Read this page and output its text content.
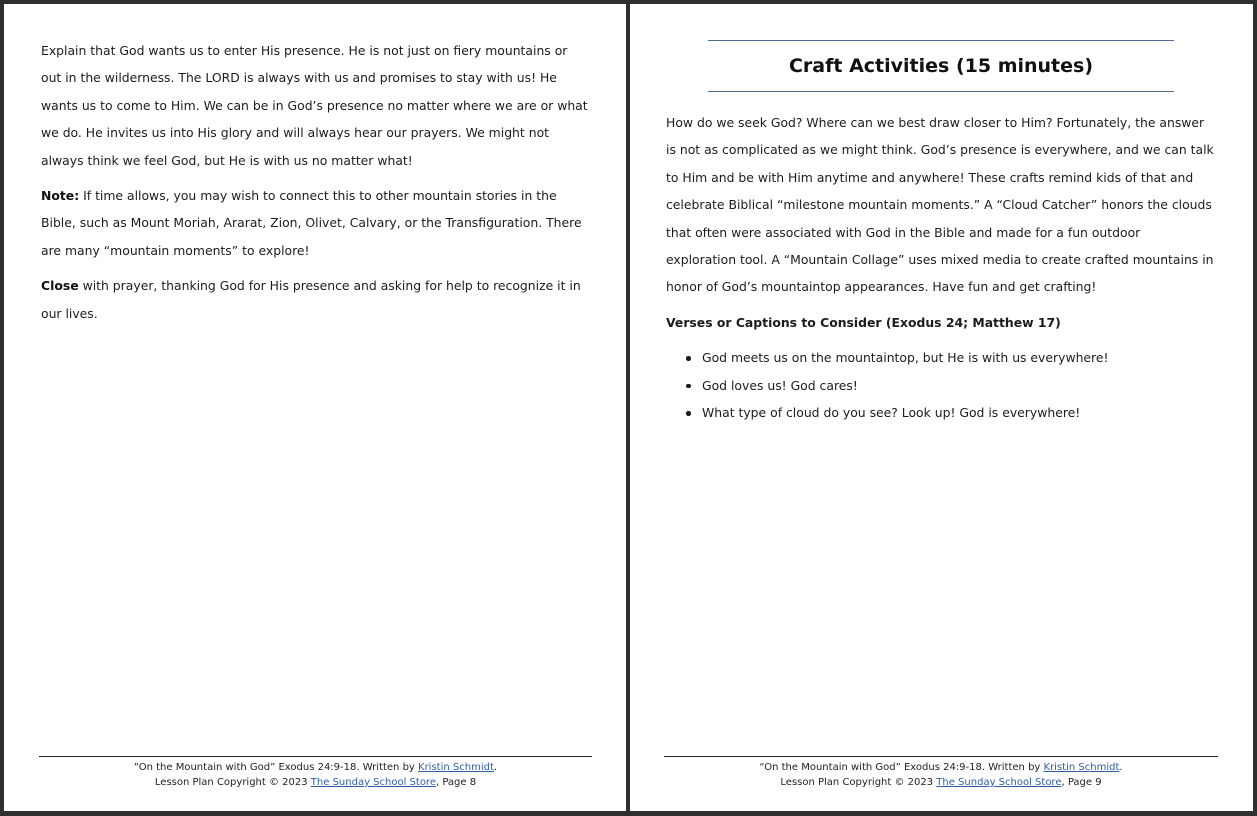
Explain that God wants us to enter His presence. He is not just on fiery mountains or out in the wilderness. The LORD is always with us and promises to stay with us! He wants us to come to Him. We can be in God’s presence no matter where we are or what we do. He invites us into His glory and will always hear our prayers. We might not always think we feel God, but He is with us no matter what!

Note: If time allows, you may wish to connect this to other mountain stories in the Bible, such as Mount Moriah, Ararat, Zion, Olivet, Calvary, or the Transfiguration. There are many “mountain moments” to explore!

Close with prayer, thanking God for His presence and asking for help to recognize it in our lives.

“On the Mountain with God” Exodus 24:9-18. Written by Kristin Schmidt.
Lesson Plan Copyright © 2023 The Sunday School Store, Page 8
Craft Activities (15 minutes)

How do we seek God? Where can we best draw closer to Him? Fortunately, the answer is not as complicated as we might think. God’s presence is everywhere, and we can talk to Him and be with Him anytime and anywhere! These crafts remind kids of that and celebrate Biblical “milestone mountain moments.” A “Cloud Catcher” honors the clouds that often were associated with God in the Bible and made for a fun outdoor exploration tool. A “Mountain Collage” uses mixed media to create crafted mountains in honor of God’s mountaintop appearances. Have fun and get crafting!

Verses or Captions to Consider (Exodus 24; Matthew 17)

God meets us on the mountaintop, but He is with us everywhere!
God loves us! God cares!
What type of cloud do you see? Look up! God is everywhere!
“On the Mountain with God” Exodus 24:9-18. Written by Kristin Schmidt.
Lesson Plan Copyright © 2023 The Sunday School Store, Page 9
